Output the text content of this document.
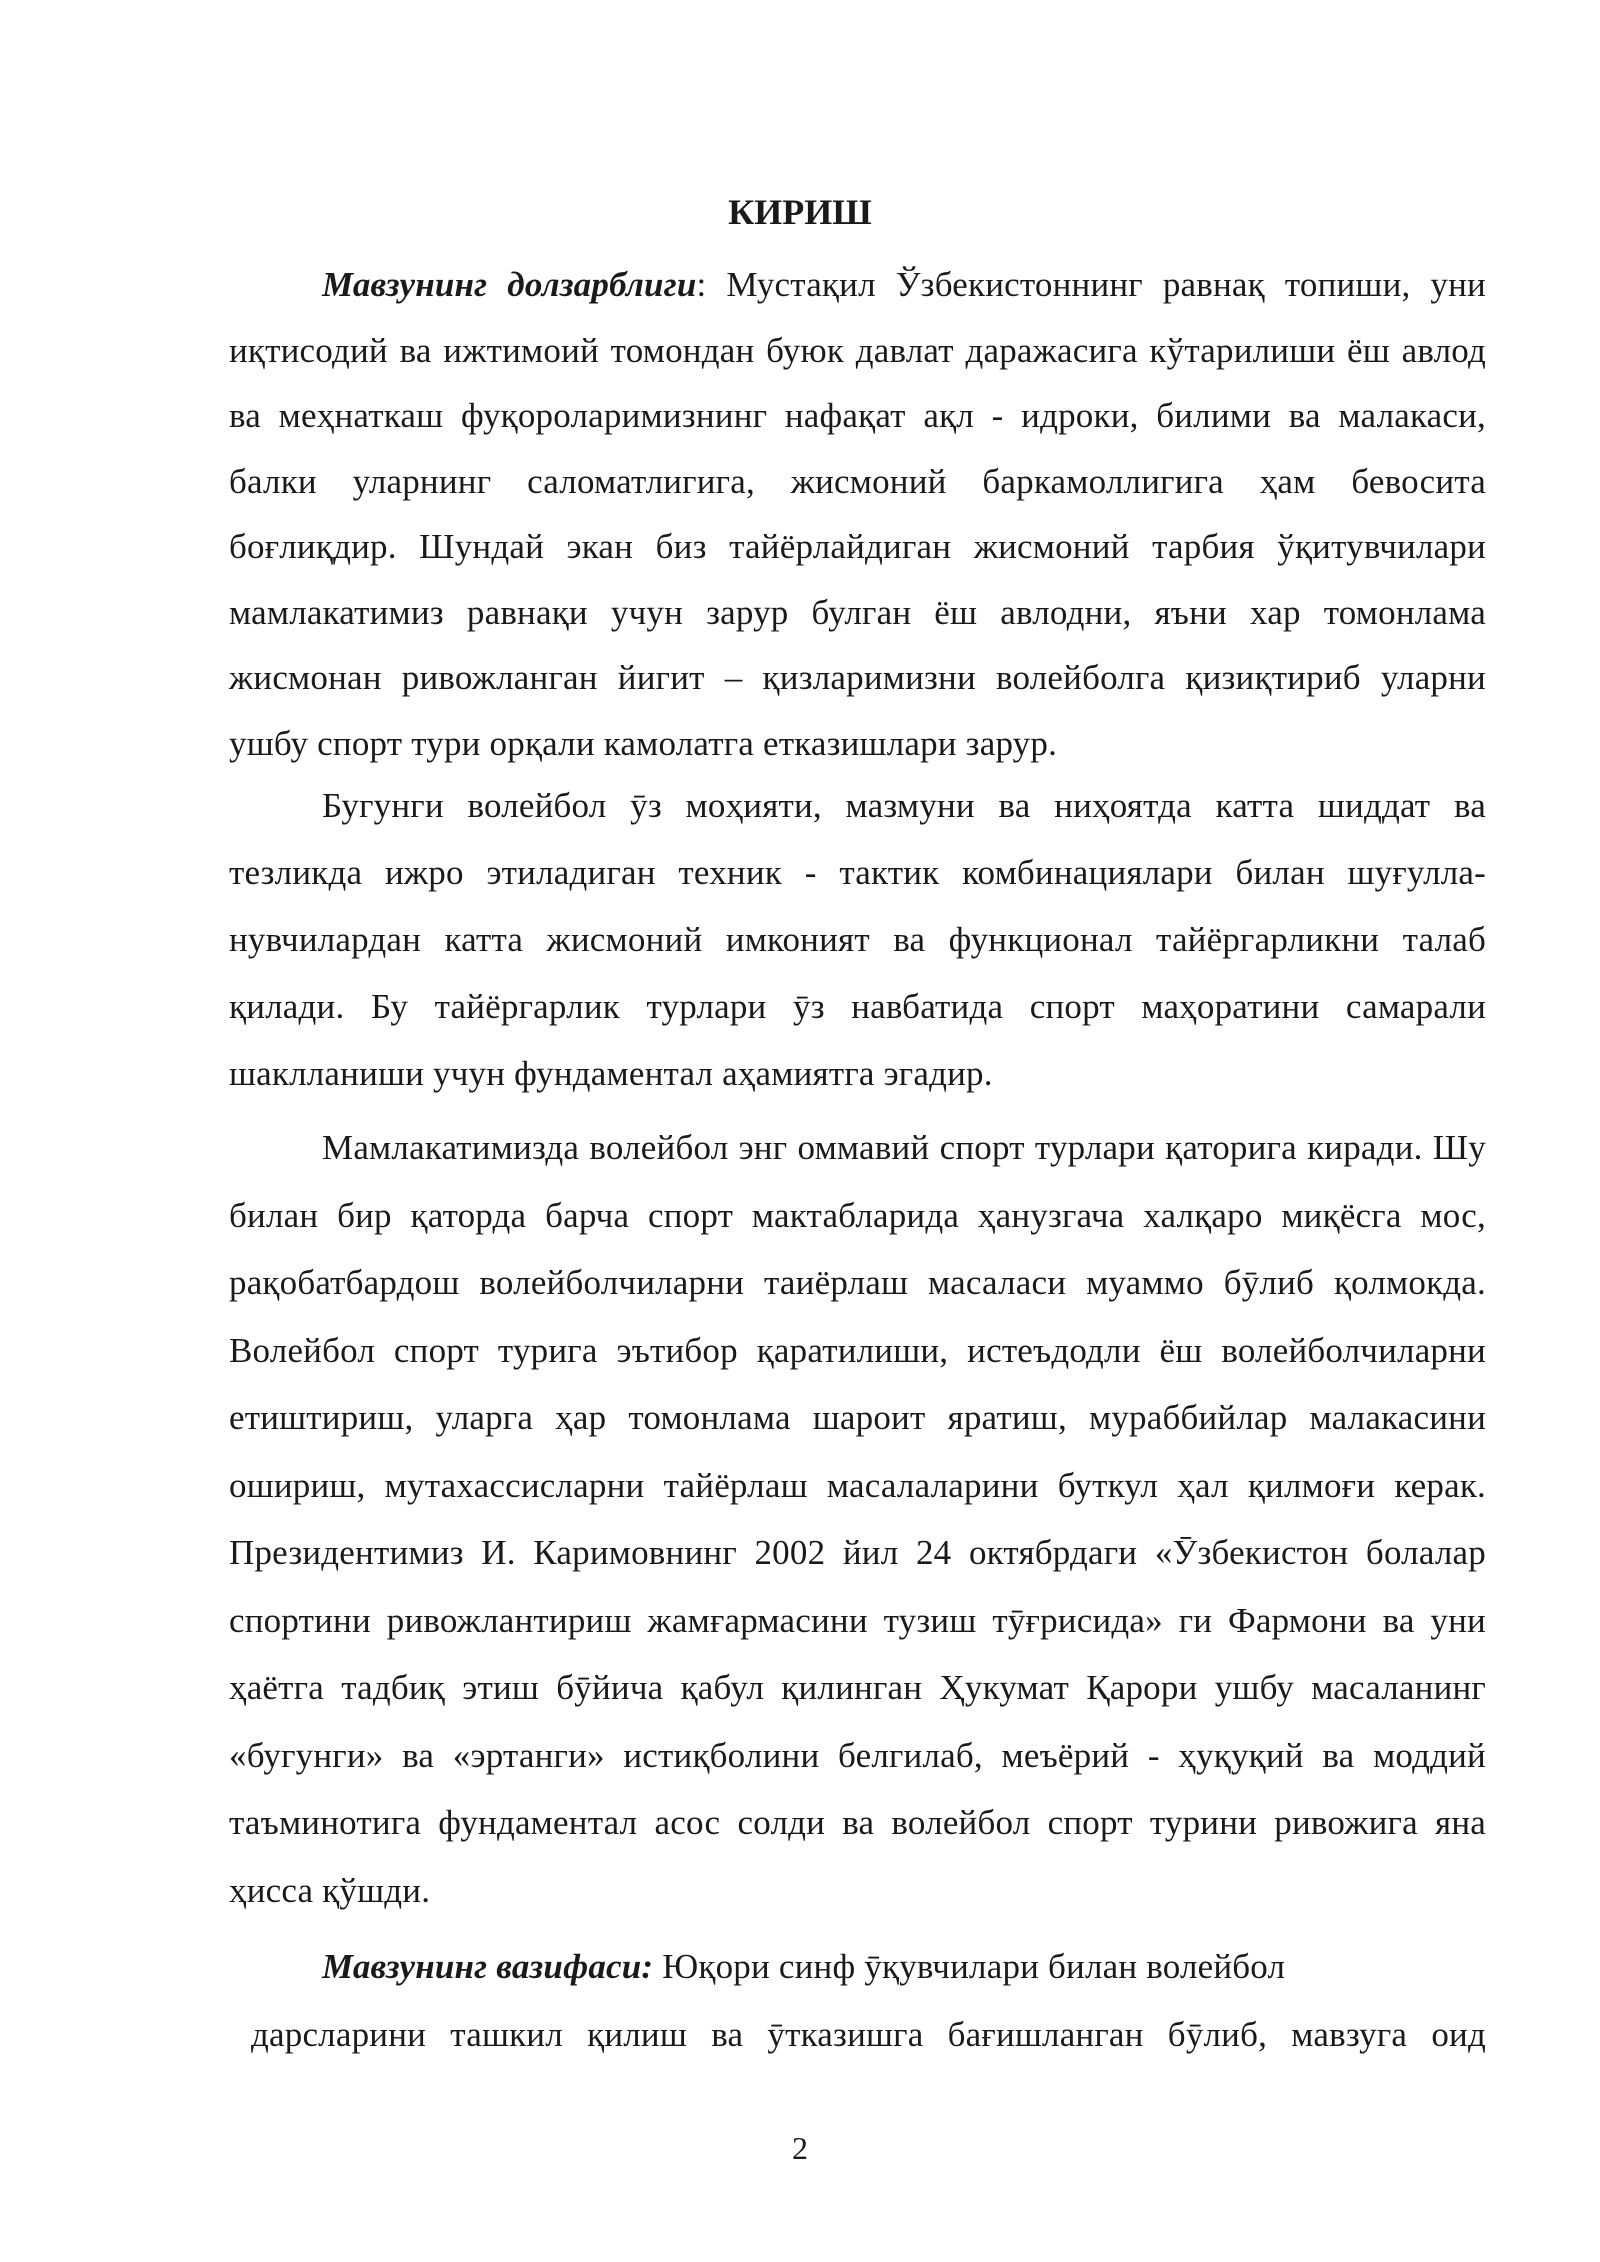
КИРИШ

Мавзунинг долзарблиги: Мустақил Ўзбекистоннинг равнақ топиши, уни иқтисодий ва ижтимоий томондан буюк давлат даражасига кўтарилиши ёш авлод ва меҳнаткаш фуқороларимизнинг нафақат ақл - идроки, билими ва малакаси, балки уларнинг саломатлигига, жисмоний баркамоллигига ҳам бевосита боғлиқдир. Шундай экан биз тайёрлайдиган жисмоний тарбия ўқитувчилари мамлакатимиз равнақи учун зарур булган ёш авлодни, яъни хар томонлама жисмонан ривожланган йигит – қизларимизни волейболга қизиқтириб уларни ушбу спорт тури орқали камолатга етказишлари зарур.

Бугунги волейбол ӯз моҳияти, мазмуни ва ниҳоятда катта шиддат ва тезликда ижро этиладиган техник - тактик комбинациялари билан шуғулла-нувчилардан катта жисмоний имконият ва функционал тайёргарликни талаб қилади. Бу тайёргарлик турлари ӯз навбатида спорт маҳоратини самарали шаклланиши учун фундаментал аҳамиятга эгадир.

Мамлакатимизда волейбол энг оммавий спорт турлари қаторига киради. Шу билан бир қаторда барча спорт мактабларида ҳанузгача халқаро миқёсга мос, рақобатбардош волейболчиларни таиёрлаш масаласи муаммо бӯлиб қолмокда. Волейбол спорт турига эътибор қаратилиши, истеъдодли ёш волейболчиларни етиштириш, уларга ҳар томонлама шароит яратиш, мураббийлар малакасини ошириш, мутахассисларни тайёрлаш масалаларини буткул ҳал қилмоғи керак. Президентимиз И. Каримовнинг 2002 йил 24 октябрдаги «Ӯзбекистон болалар спортини ривожлантириш жамғармасини тузиш тӯғрисида» ги Фармони ва уни ҳаётга тадбиқ этиш бӯйича қабул қилинган Ҳукумат Қарори ушбу масаланинг «бугунги» ва «эртанги» истиқболини белгилаб, меъёрий - ҳуқуқий ва моддий таъминотига фундаментал асос солди ва волейбол спорт турини ривожига яна ҳисса қўшди.

Мавзунинг вазифаси: Юқори синф ӯқувчилари билан волейбол
дарсларини ташкил қилиш ва ӯтказишга бағишланган бӯлиб, мавзуга оид

2
